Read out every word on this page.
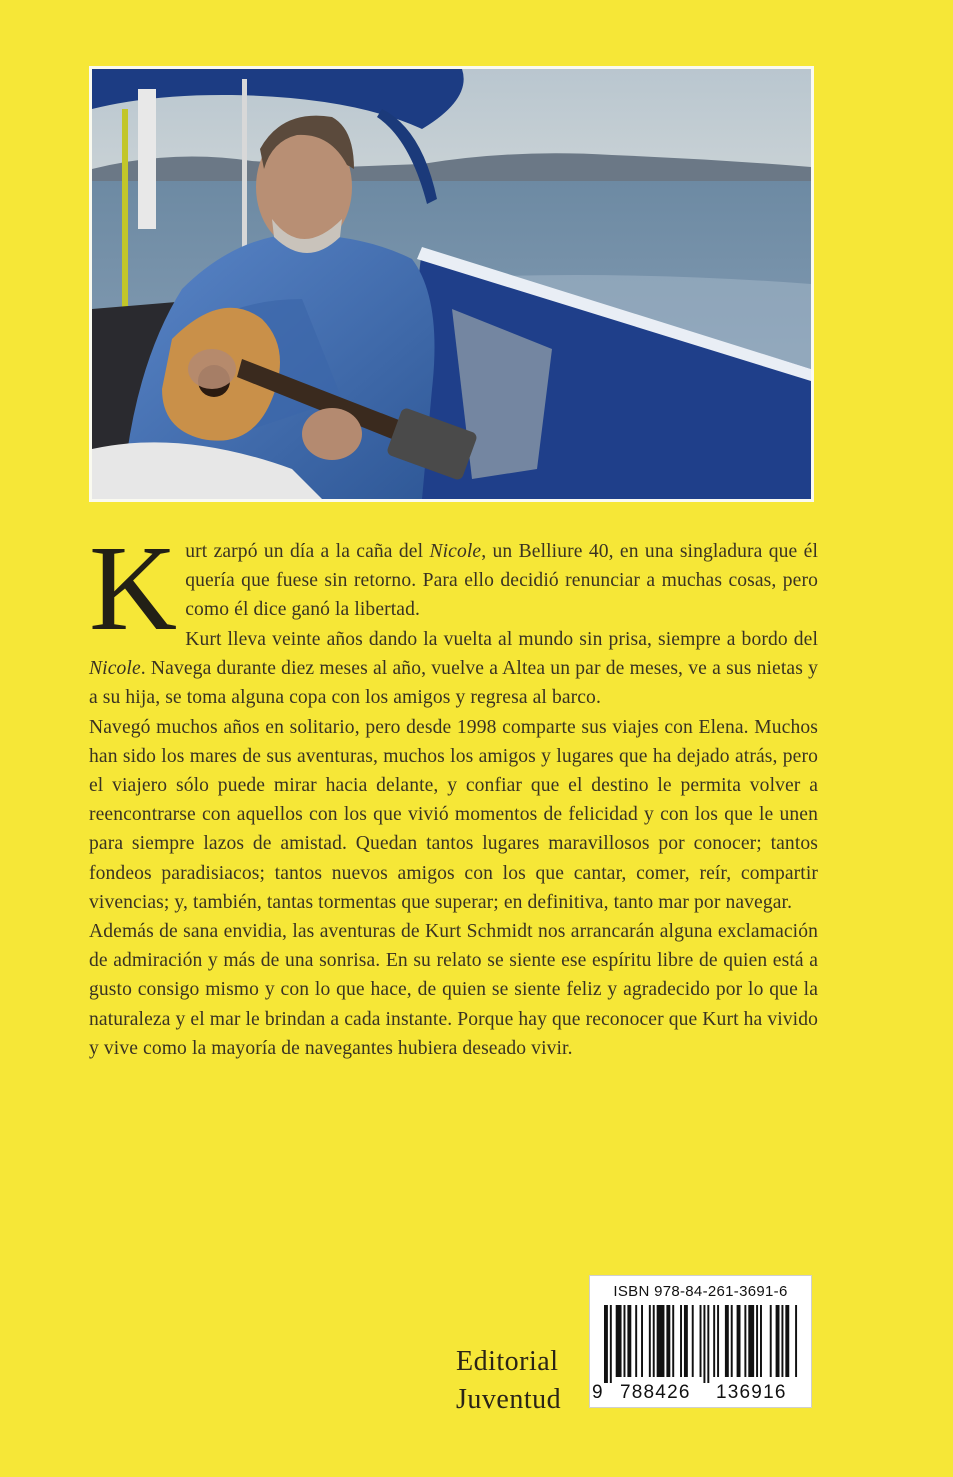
Kurt zarpó un día a la caña del Nicole, un Belliure 40, en una singladura que él quería que fuese sin retorno. Para ello decidió renunciar a muchas cosas, pero como él dice ganó la libertad.

Kurt lleva veinte años dando la vuelta al mundo sin prisa, siempre a bordo del Nicole. Navega durante diez meses al año, vuelve a Altea un par de meses, ve a sus nietas y a su hija, se toma alguna copa con los amigos y regresa al barco.

Navegó muchos años en solitario, pero desde 1998 comparte sus viajes con Elena. Muchos han sido los mares de sus aventuras, muchos los amigos y lugares que ha dejado atrás, pero el viajero sólo puede mirar hacia delante, y confiar que el destino le permita volver a reencontrarse con aquellos con los que vivió momentos de felicidad y con los que le unen para siempre lazos de amistad. Quedan tantos lugares maravillosos por conocer; tantos fondeos paradisiacos; tantos nuevos amigos con los que cantar, comer, reír, compartir vivencias; y, también, tantas tormentas que superar; en definitiva, tanto mar por navegar.

Además de sana envidia, las aventuras de Kurt Schmidt nos arrancarán alguna exclamación de admiración y más de una sonrisa. En su relato se siente ese espíritu libre de quien está a gusto consigo mismo y con lo que hace, de quien se siente feliz y agradecido por lo que la naturaleza y el mar le brindan a cada instante. Porque hay que reconocer que Kurt ha vivido y vive como la mayoría de navegantes hubiera deseado vivir.

Editorial
Juventud
ISBN 978-84-261-3691-6
9 788426 136916
